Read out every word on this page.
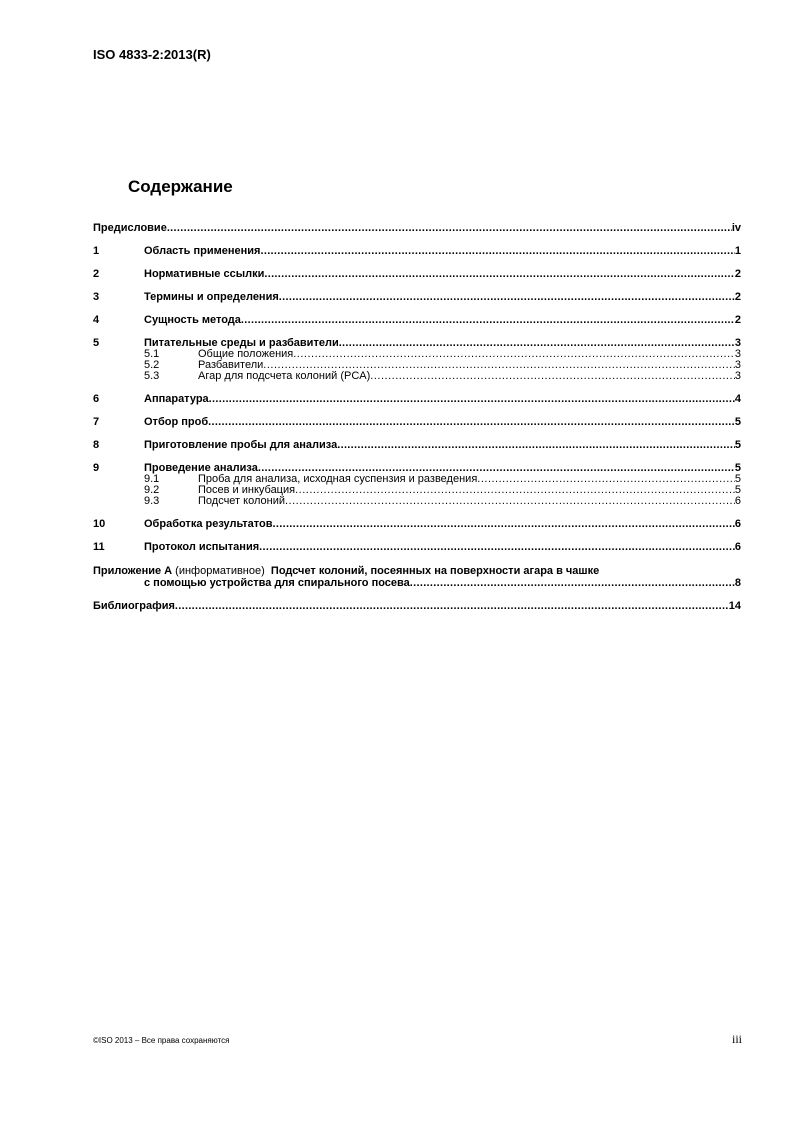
ISO 4833-2:2013(R)
Содержание
Предисловие .....	iv
1	Область применения .....	1
2	Нормативные ссылки .....	2
3	Термины и определения .....	2
4	Сущность метода .....	2
5	Питательные среды и разбавители .....	3
5.1	Общие положения .....	3
5.2	Разбавители .....	3
5.3	Агар для подсчета колоний (PCA) .....	3
6	Аппаратура .....	4
7	Отбор проб .....	5
8	Приготовление пробы для анализа .....	5
9	Проведение анализа .....	5
9.1	Проба для анализа, исходная суспензия и разведения .....	5
9.2	Посев и инкубация .....	5
9.3	Подсчет колоний .....	6
10	Обработка результатов .....	6
11	Протокол испытания .....	6
Приложение А (информативное) Подсчет колоний, посеянных на поверхности агара в чашке
с помощью устройства для спирального посева .....	8
Библиография .....	14
©ISO 2013 – Все права сохраняются	iii
